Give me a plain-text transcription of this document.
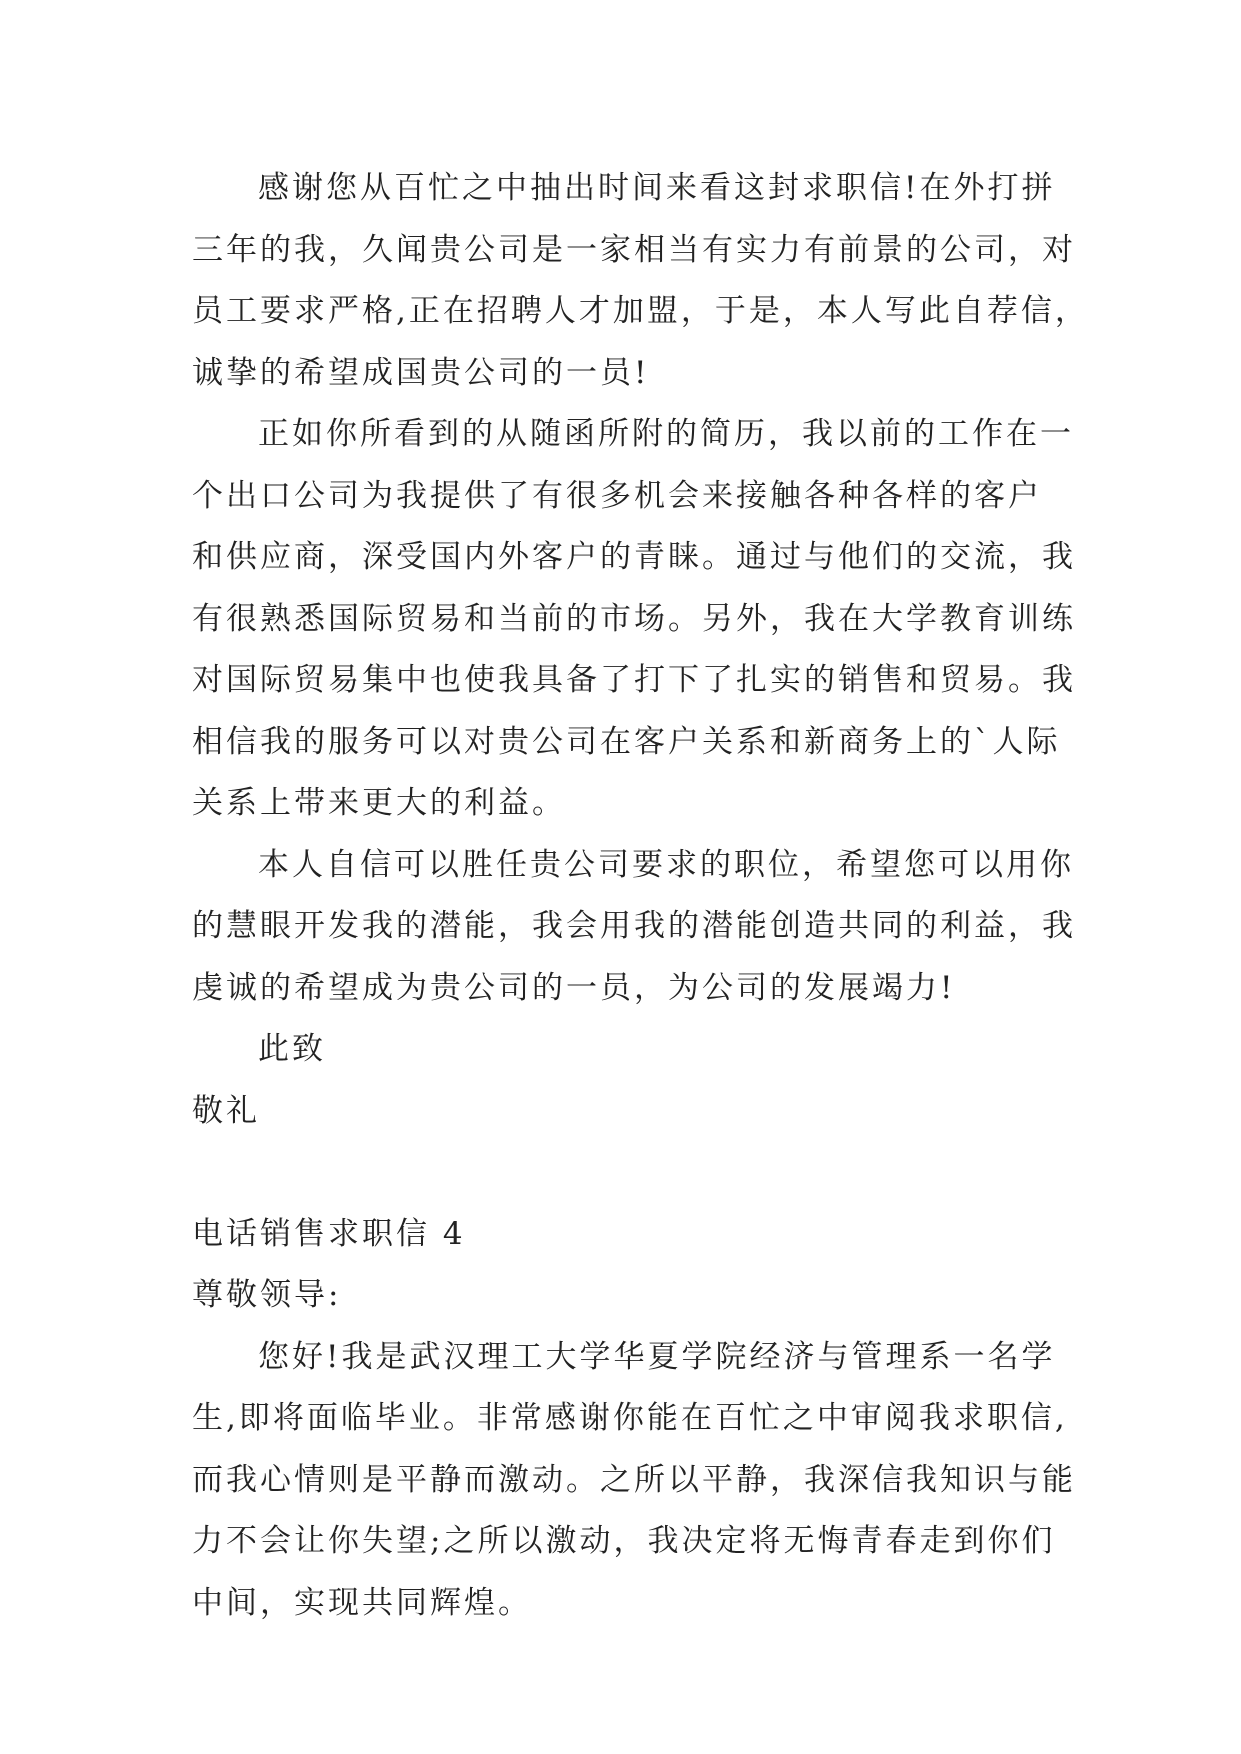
感谢您从百忙之中抽出时间来看这封求职信!在外打拼
三年的我，久闻贵公司是一家相当有实力有前景的公司，对
员工要求严格,正在招聘人才加盟，于是，本人写此自荐信，
诚挚的希望成国贵公司的一员!
正如你所看到的从随函所附的简历，我以前的工作在一
个出口公司为我提供了有很多机会来接触各种各样的客户
和供应商，深受国内外客户的青睐。通过与他们的交流，我
有很熟悉国际贸易和当前的市场。另外，我在大学教育训练
对国际贸易集中也使我具备了打下了扎实的销售和贸易。我
相信我的服务可以对贵公司在客户关系和新商务上的`人际
关系上带来更大的利益。
本人自信可以胜任贵公司要求的职位，希望您可以用你
的慧眼开发我的潜能，我会用我的潜能创造共同的利益，我
虔诚的希望成为贵公司的一员，为公司的发展竭力!
此致
敬礼
电话销售求职信 4
尊敬领导:
您好!我是武汉理工大学华夏学院经济与管理系一名学
生,即将面临毕业。非常感谢你能在百忙之中审阅我求职信,
而我心情则是平静而激动。之所以平静，我深信我知识与能
力不会让你失望;之所以激动，我决定将无悔青春走到你们
中间，实现共同辉煌。
